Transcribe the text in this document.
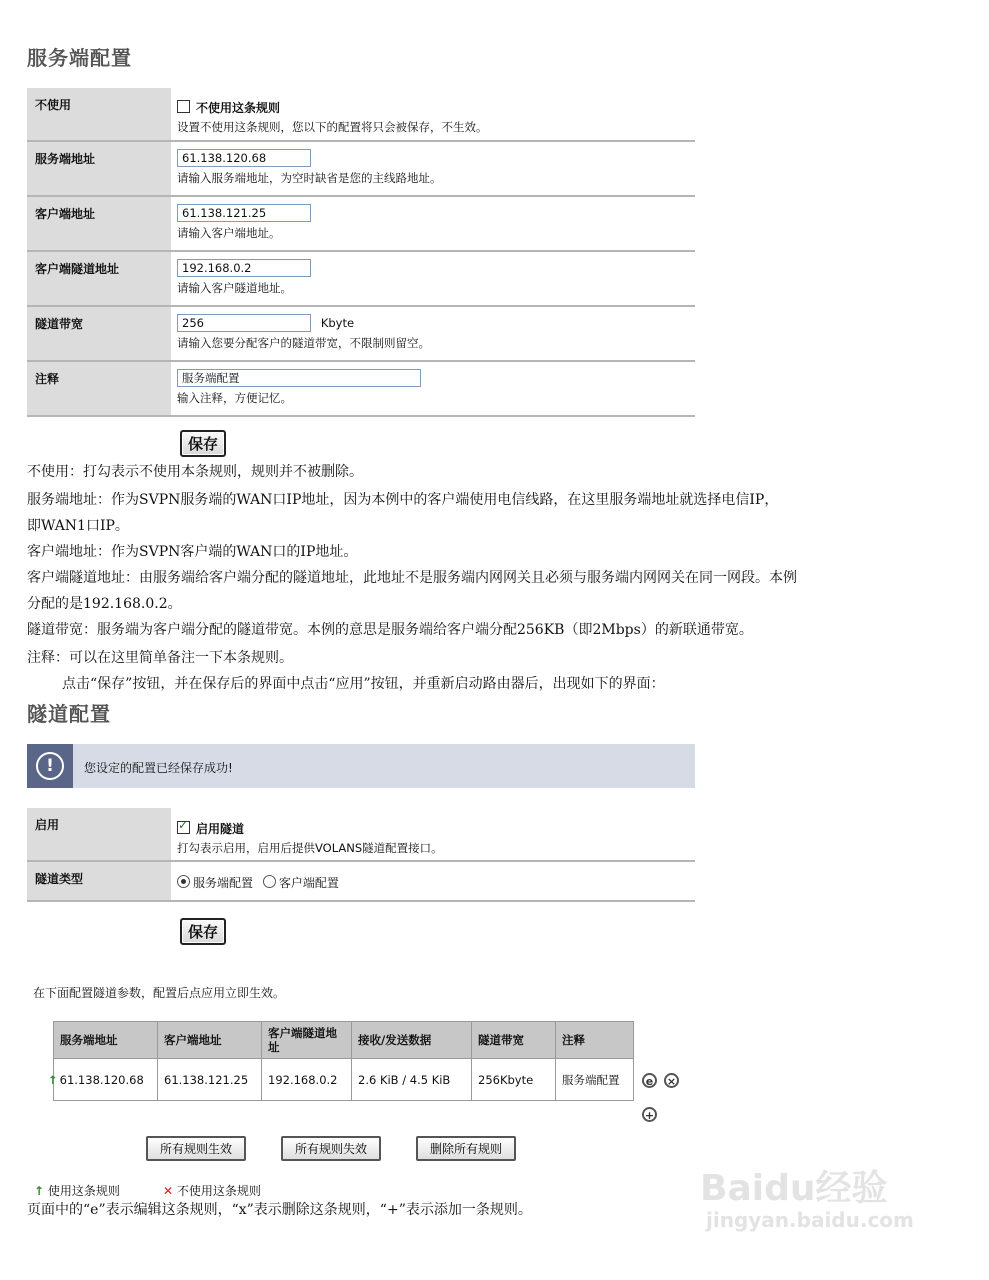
服务端配置
不使用	不使用这条规则
设置不使用这条规则，您以下的配置将只会被保存，不生效。
服务端地址	61.138.120.68
请输入服务端地址，为空时缺省是您的主线路地址。
客户端地址	61.138.121.25
请输入客户端地址。
客户端隧道地址	192.168.0.2
请输入客户隧道地址。
隧道带宽	256	Kbyte
请输入您要分配客户的隧道带宽，不限制则留空。
注释	服务端配置
输入注释，方便记忆。
保存
不使用：打勾表示不使用本条规则，规则并不被删除。
服务端地址：作为SVPN服务端的WAN口IP地址，因为本例中的客户端使用电信线路，在这里服务端地址就选择电信IP，
即WAN1口IP。
客户端地址：作为SVPN客户端的WAN口的IP地址。
客户端隧道地址：由服务端给客户端分配的隧道地址，此地址不是服务端内网网关且必须与服务端内网网关在同一网段。本例
分配的是192.168.0.2。
隧道带宽：服务端为客户端分配的隧道带宽。本例的意思是服务端给客户端分配256KB（即2Mbps）的新联通带宽。
注释：可以在这里简单备注一下本条规则。
点击“保存”按钮，并在保存后的界面中点击“应用”按钮，并重新启动路由器后，出现如下的界面：
隧道配置
!	您设定的配置已经保存成功!
启用 ✓	启用隧道
打勾表示启用，启用后提供VOLANS隧道配置接口。
隧道类型	服务端配置 客户端配置
保存
在下面配置隧道参数，配置后点应用立即生效。
服务端地址	客户端地址	客户端隧道地址	接收/发送数据	隧道带宽	注释
↑ 61.138.120.68	61.138.121.25	192.168.0.2	2.6 KiB / 4.5 KiB	256Kbyte	服务端配置	e	×
+
所有规则生效	所有规则失效	删除所有规则
↑ 使用这条规则	✕ 不使用这条规则
页面中的“e”表示编辑这条规则，“x”表示删除这条规则，“+”表示添加一条规则。
Baidu经验
jingyan.baidu.com
